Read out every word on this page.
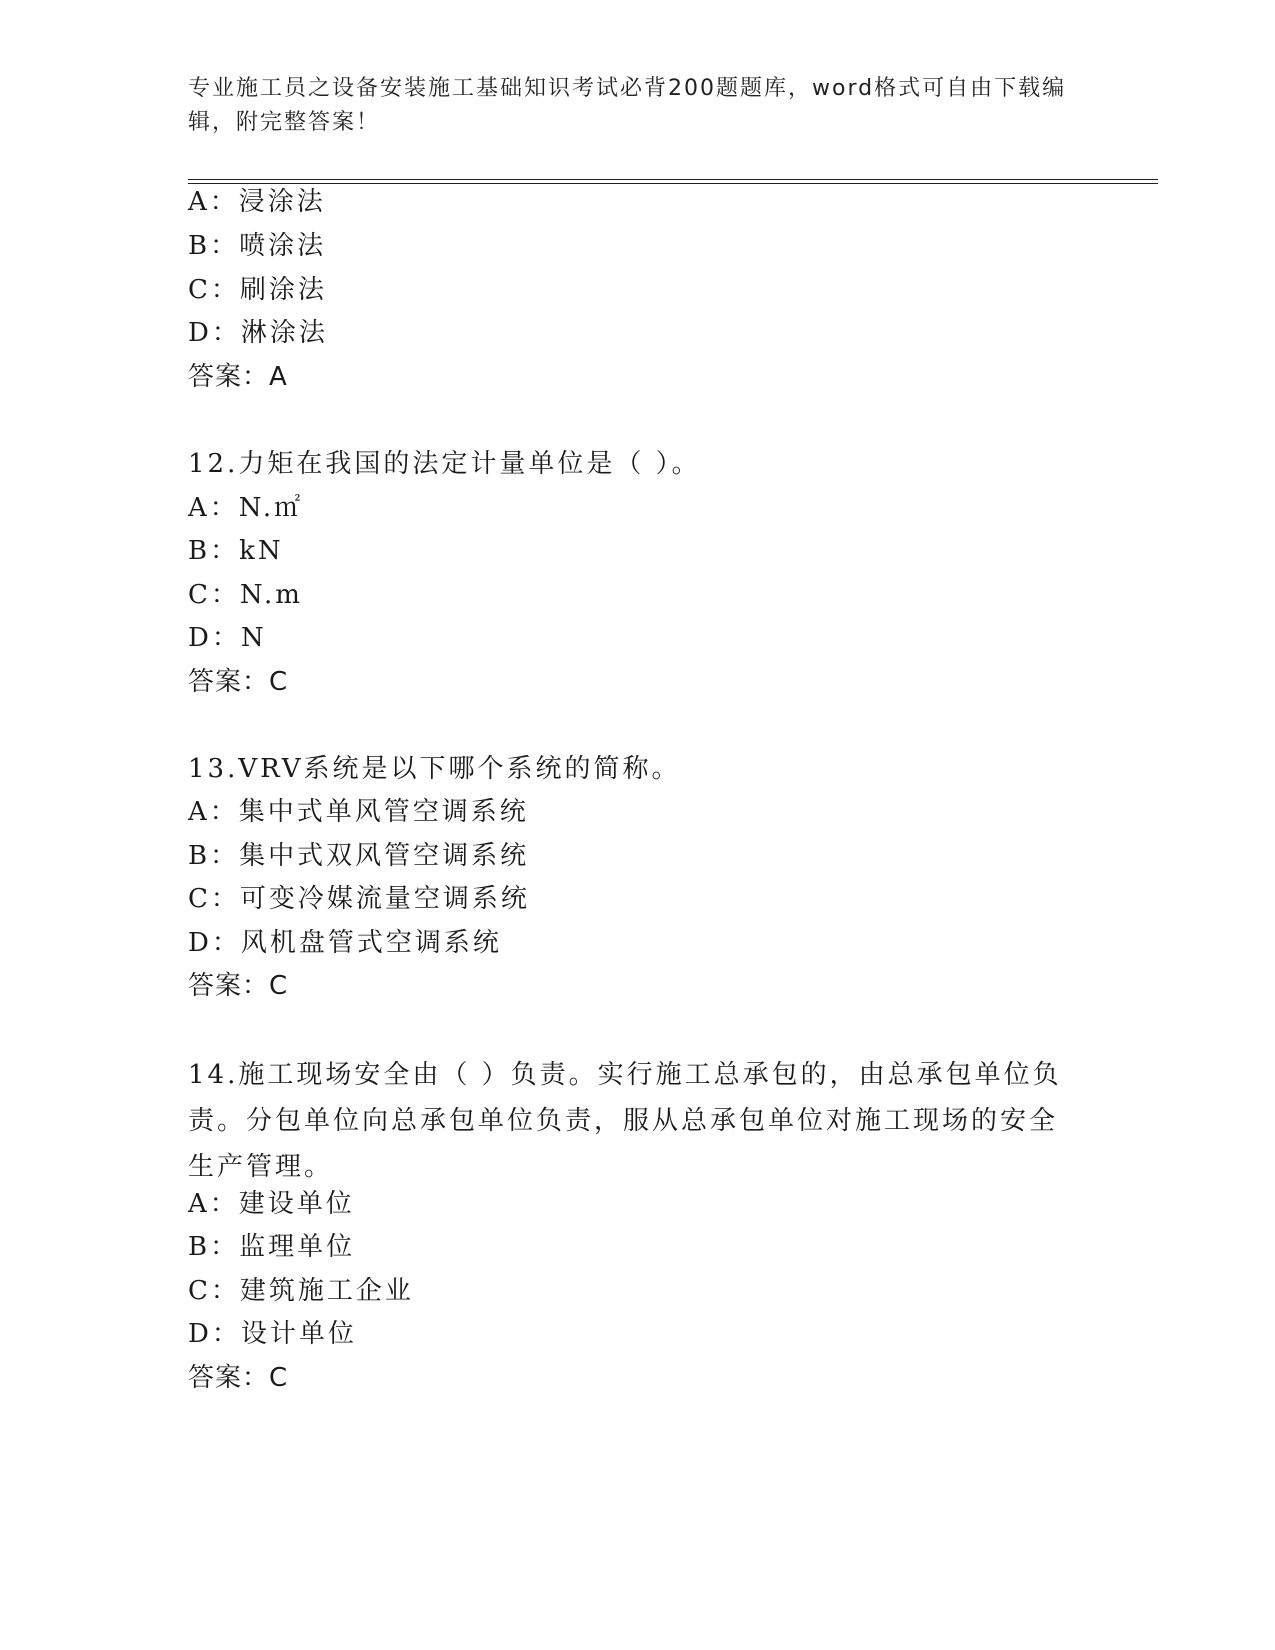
专业施工员之设备安装施工基础知识考试必背200题题库，word格式可自由下载编辑，附完整答案！
A：浸涂法
B：喷涂法
C：刷涂法
D：淋涂法
答案：A
12.力矩在我国的法定计量单位是（ ）。
A：N.㎡
B：kN
C：N.m
D：N
答案：C
13.VRV系统是以下哪个系统的简称。
A：集中式单风管空调系统
B：集中式双风管空调系统
C：可变冷媒流量空调系统
D：风机盘管式空调系统
答案：C
14.施工现场安全由（ ）负责。实行施工总承包的，由总承包单位负责。分包单位向总承包单位负责，服从总承包单位对施工现场的安全生产管理。
A：建设单位
B：监理单位
C：建筑施工企业
D：设计单位
答案：C
